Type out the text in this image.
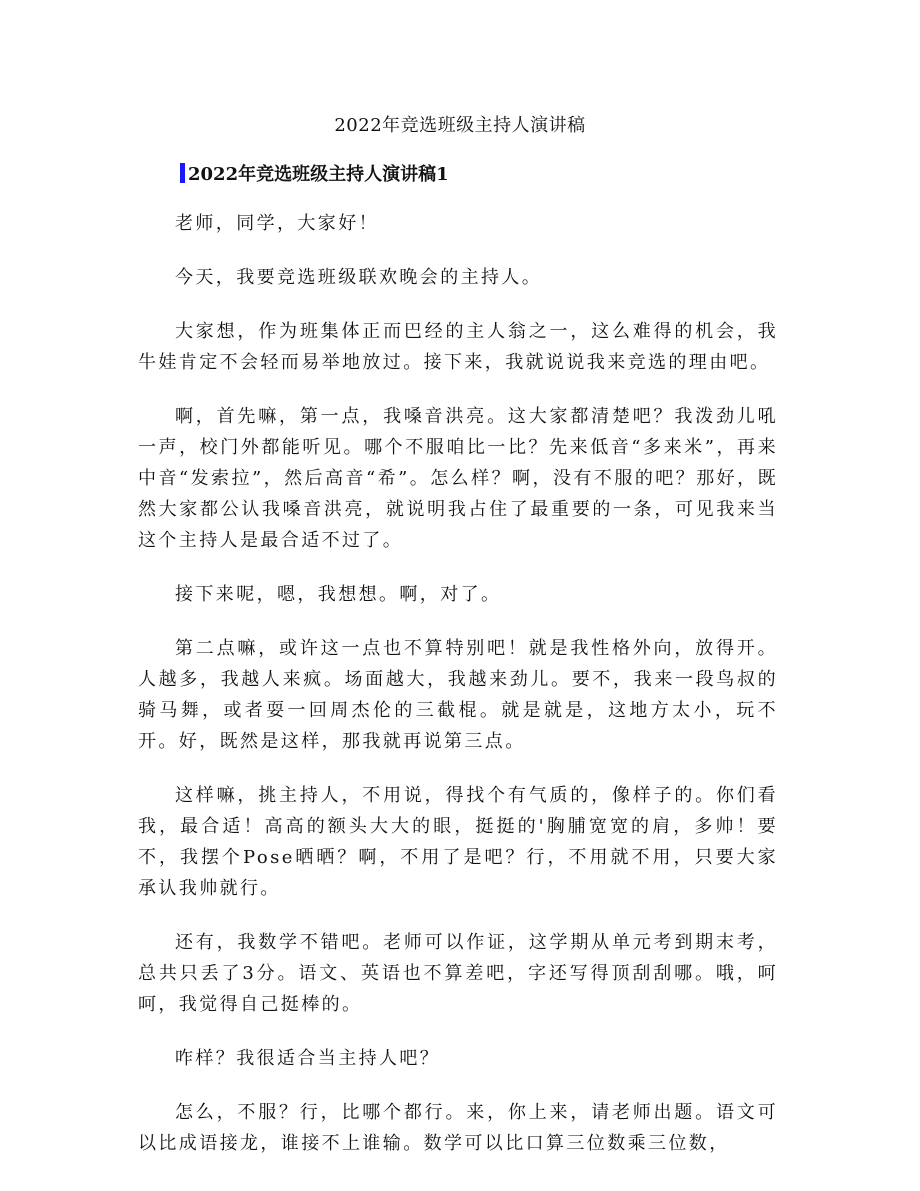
2022年竞选班级主持人演讲稿
2022年竞选班级主持人演讲稿1

老师，同学，大家好！

今天，我要竞选班级联欢晚会的主持人。

大家想，作为班集体正而巴经的主人翁之一，这么难得的机会，我牛娃肯定不会轻而易举地放过。接下来，我就说说我来竞选的理由吧。

啊，首先嘛，第一点，我嗓音洪亮。这大家都清楚吧？我泼劲儿吼一声，校门外都能听见。哪个不服咱比一比？先来低音“多来米”，再来中音“发索拉”，然后高音“希”。怎么样？啊，没有不服的吧？那好，既然大家都公认我嗓音洪亮，就说明我占住了最重要的一条，可见我来当这个主持人是最合适不过了。

接下来呢，嗯，我想想。啊，对了。

第二点嘛，或许这一点也不算特别吧！就是我性格外向，放得开。人越多，我越人来疯。场面越大，我越来劲儿。要不，我来一段鸟叔的骑马舞，或者耍一回周杰伦的三截棍。就是就是，这地方太小，玩不开。好，既然是这样，那我就再说第三点。

这样嘛，挑主持人，不用说，得找个有气质的，像样子的。你们看我，最合适！高高的额头大大的眼，挺挺的'胸脯宽宽的肩，多帅！要不，我摆个Pose晒晒？啊，不用了是吧？行，不用就不用，只要大家承认我帅就行。

还有，我数学不错吧。老师可以作证，这学期从单元考到期末考，总共只丢了3分。语文、英语也不算差吧，字还写得顶刮刮哪。哦，呵呵，我觉得自己挺棒的。

咋样？我很适合当主持人吧？

怎么，不服？行，比哪个都行。来，你上来，请老师出题。语文可以比成语接龙，谁接不上谁输。数学可以比口算三位数乘三位数，
